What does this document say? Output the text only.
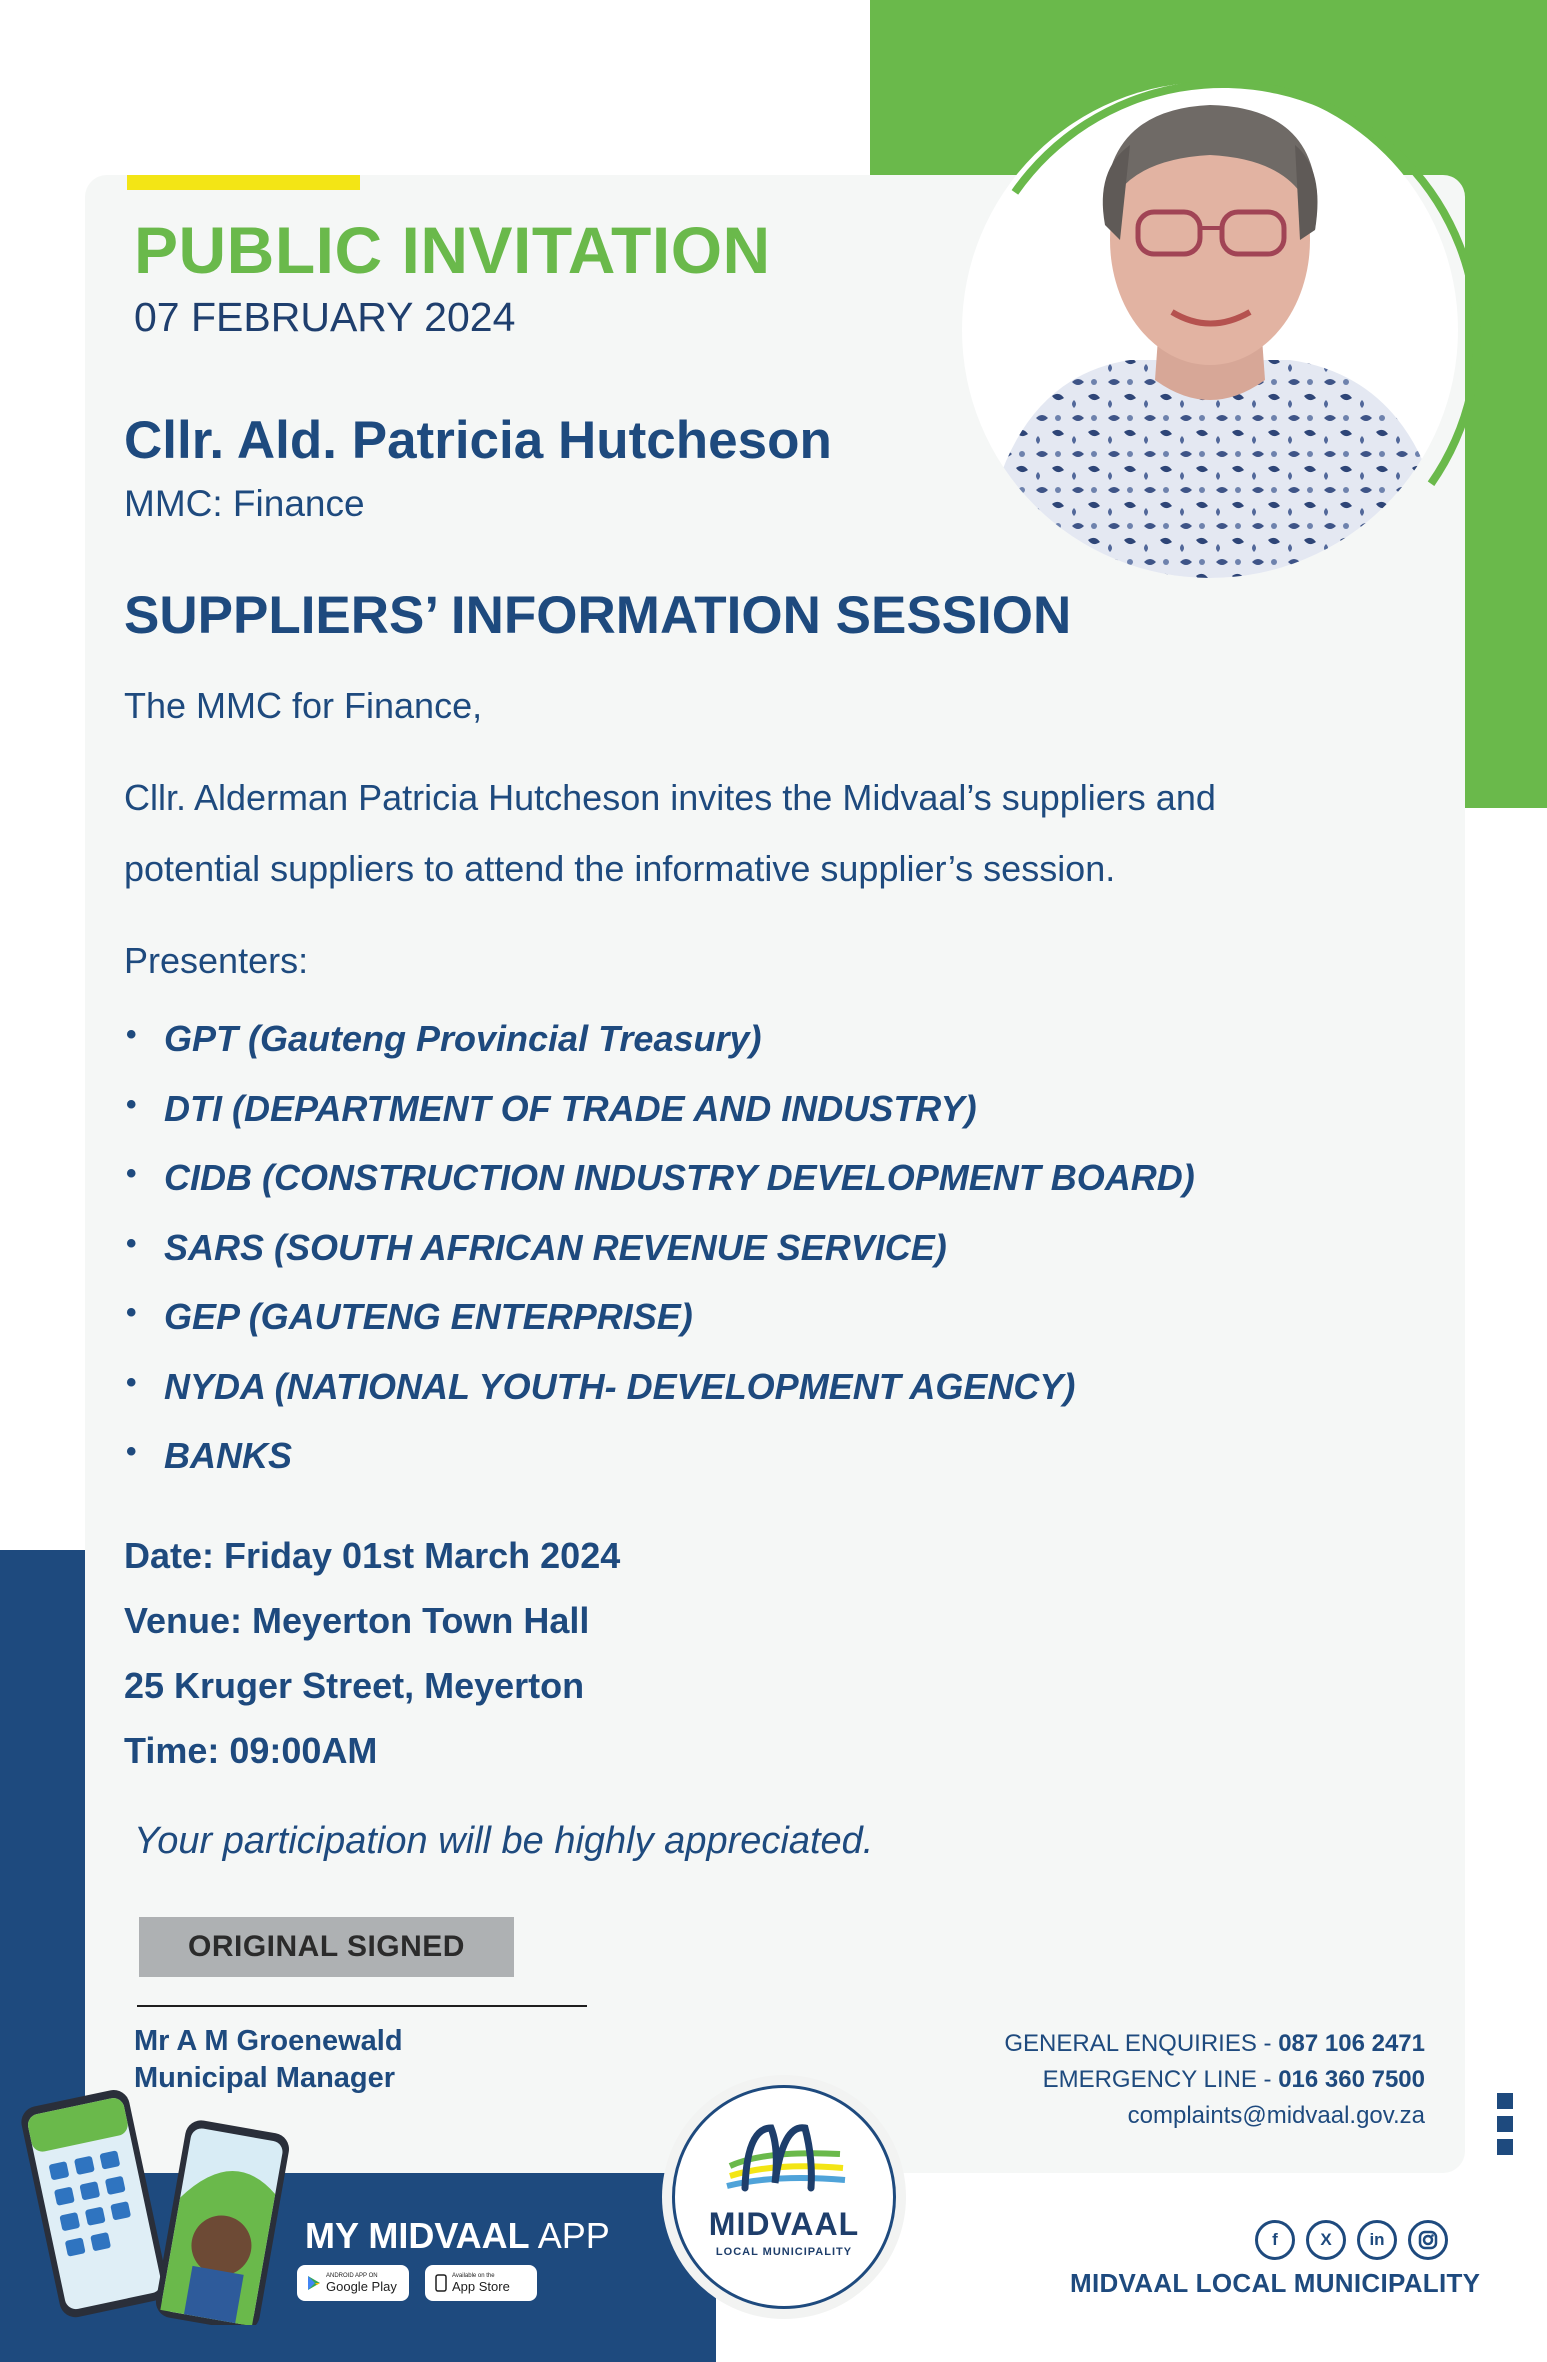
PUBLIC INVITATION
07 FEBRUARY 2024
Cllr. Ald. Patricia Hutcheson
MMC: Finance
SUPPLIERS’ INFORMATION SESSION
The MMC for Finance,
Cllr. Alderman Patricia Hutcheson invites the Midvaal’s suppliers and
potential suppliers to attend the informative supplier’s session.
Presenters:
• GPT (Gauteng Provincial Treasury)
• DTI (DEPARTMENT OF TRADE AND INDUSTRY)
• CIDB (CONSTRUCTION INDUSTRY DEVELOPMENT BOARD)
• SARS (SOUTH AFRICAN REVENUE SERVICE)
• GEP (GAUTENG ENTERPRISE)
• NYDA (NATIONAL YOUTH- DEVELOPMENT AGENCY)
• BANKS
Date: Friday 01st March 2024
Venue: Meyerton Town Hall
25 Kruger Street, Meyerton
Time: 09:00AM
Your participation will be highly appreciated.
ORIGINAL SIGNED
Mr A M Groenewald
Municipal Manager
GENERAL ENQUIRIES - 087 106 2471
EMERGENCY LINE - 016 360 7500
complaints@midvaal.gov.za
MY MIDVAAL APP
ANDROID APP ON
Google Play
Available on the
App Store
MIDVAAL
LOCAL MUNICIPALITY
f	X	in
MIDVAAL LOCAL MUNICIPALITY
